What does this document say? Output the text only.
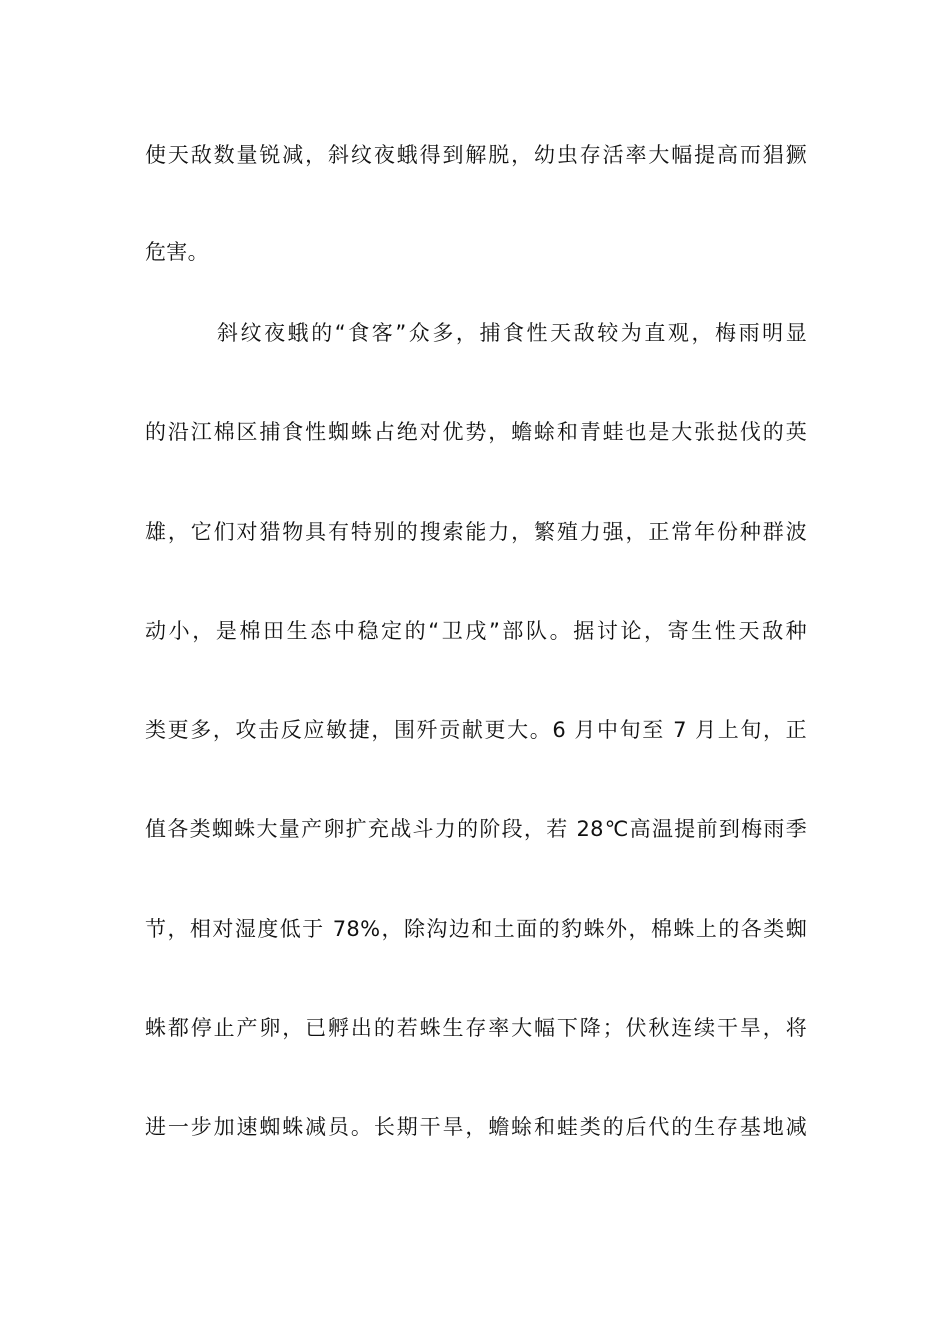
使天敌数量锐减，斜纹夜蛾得到解脱，幼虫存活率大幅提高而猖獗
危害。
斜纹夜蛾的“食客”众多，捕食性天敌较为直观，梅雨明显
的沿江棉区捕食性蜘蛛占绝对优势，蟾蜍和青蛙也是大张挞伐的英
雄，它们对猎物具有特别的搜索能力，繁殖力强，正常年份种群波
动小，是棉田生态中稳定的“卫戌”部队。据讨论，寄生性天敌种
类更多，攻击反应敏捷，围歼贡献更大。6 月中旬至 7 月上旬，正
值各类蜘蛛大量产卵扩充战斗力的阶段，若 28℃高温提前到梅雨季
节，相对湿度低于 78%，除沟边和土面的豹蛛外，棉蛛上的各类蜘
蛛都停止产卵，已孵出的若蛛生存率大幅下降；伏秋连续干旱，将
进一步加速蜘蛛减员。长期干旱，蟾蜍和蛙类的后代的生存基地减
